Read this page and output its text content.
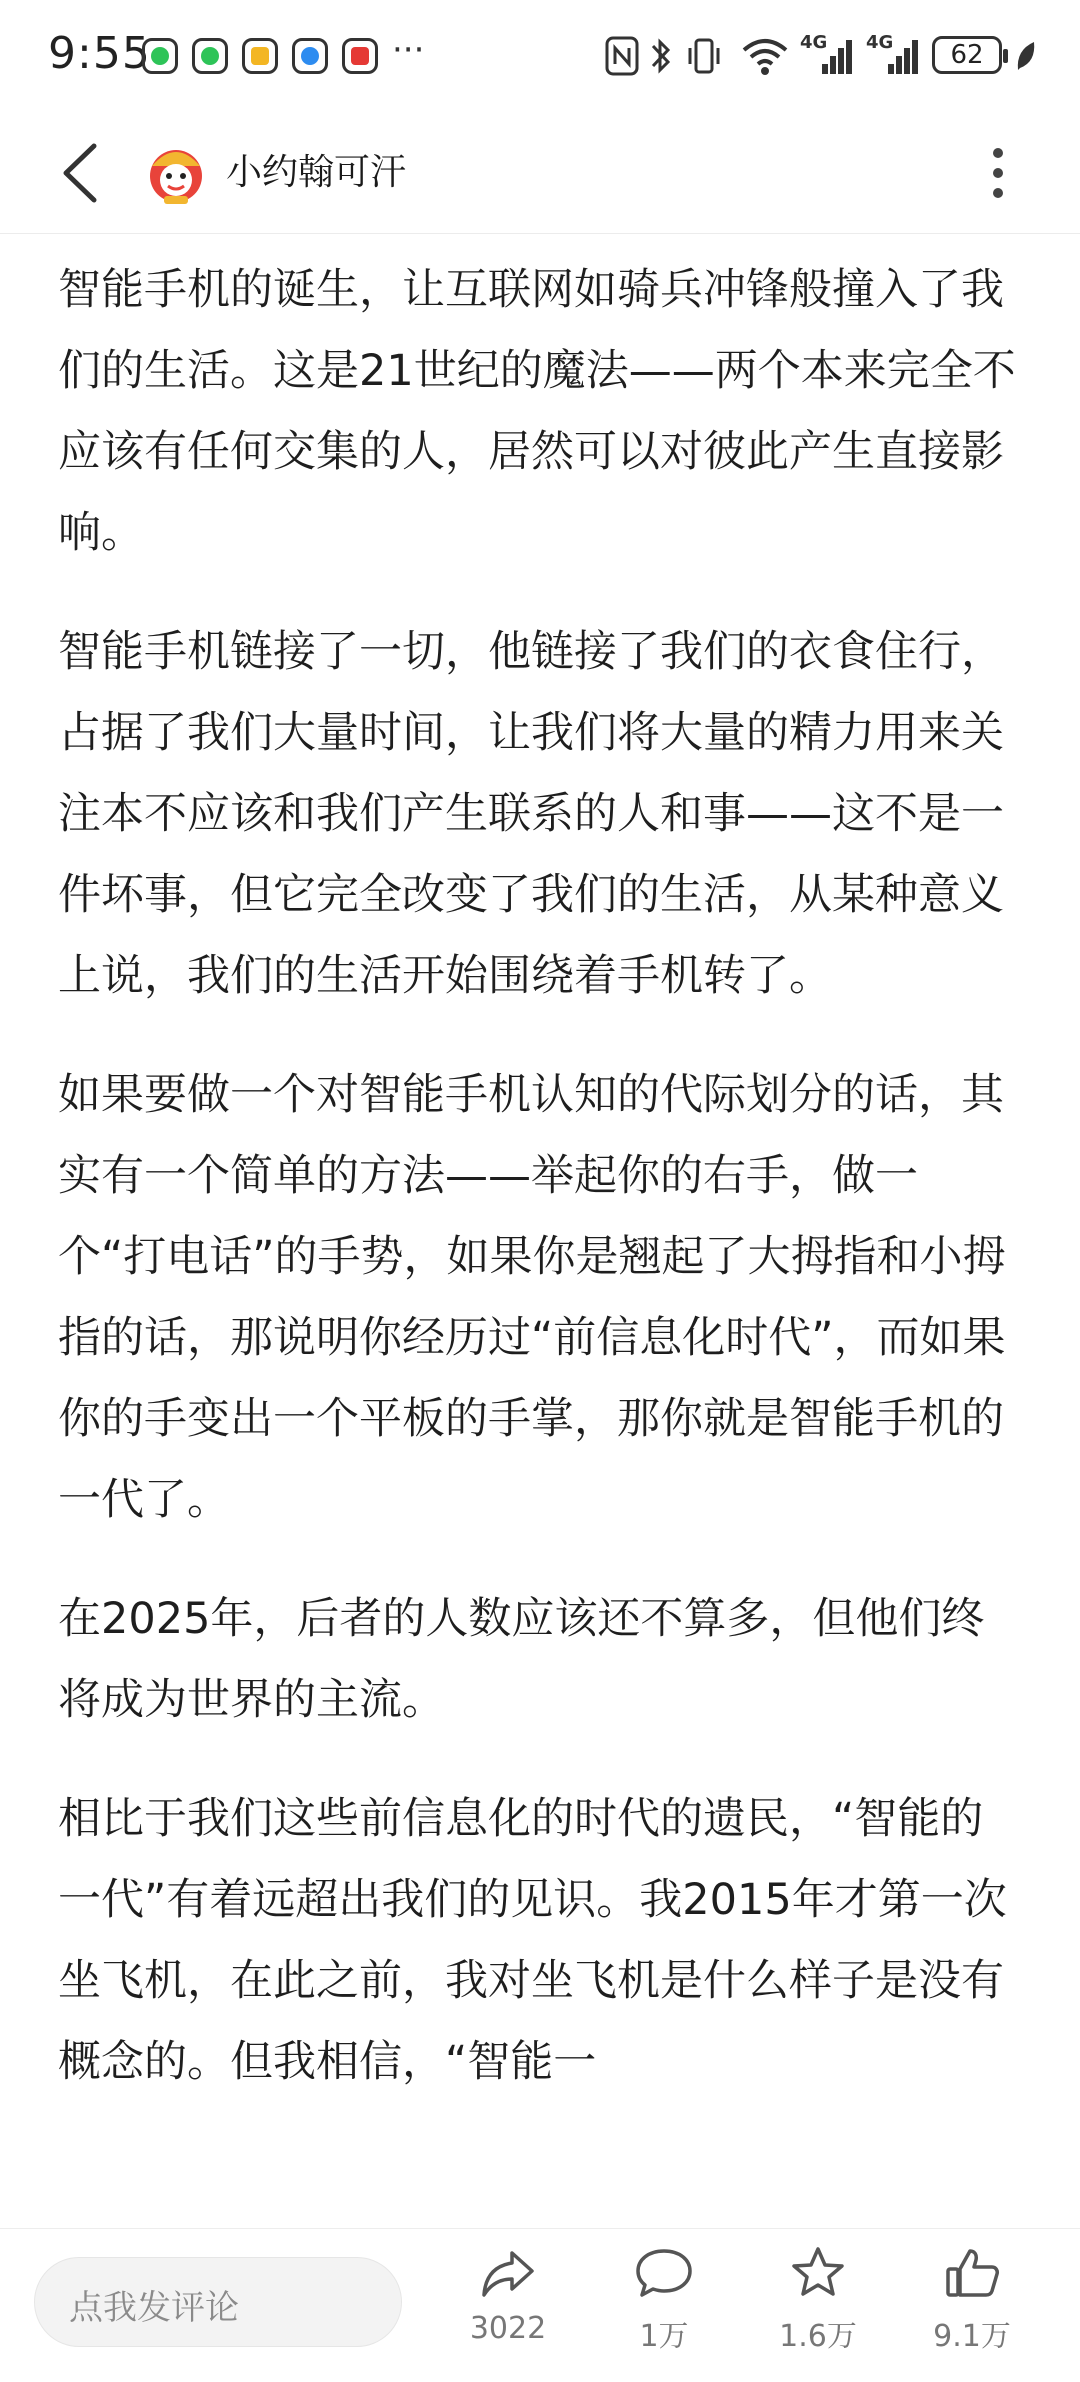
9:55	···	4G 4G	62
小约翰可汗

智能手机的诞生，让互联网如骑兵冲锋般撞入了我们的生活。这是21世纪的魔法——两个本来完全不应该有任何交集的人，居然可以对彼此产生直接影响。

智能手机链接了一切，他链接了我们的衣食住行，占据了我们大量时间，让我们将大量的精力用来关注本不应该和我们产生联系的人和事——这不是一件坏事，但它完全改变了我们的生活，从某种意义上说，我们的生活开始围绕着手机转了。

如果要做一个对智能手机认知的代际划分的话，其实有一个简单的方法——举起你的右手，做一个“打电话”的手势，如果你是翘起了大拇指和小拇指的话，那说明你经历过“前信息化时代”，而如果你的手变出一个平板的手掌，那你就是智能手机的一代了。

在2025年，后者的人数应该还不算多，但他们终将成为世界的主流。

相比于我们这些前信息化的时代的遗民，“智能的一代”有着远超出我们的见识。我2015年才第一次坐飞机，在此之前，我对坐飞机是什么样子是没有概念的。但我相信，“智能一

点我发评论
3022	1万	1.6万	9.1万
